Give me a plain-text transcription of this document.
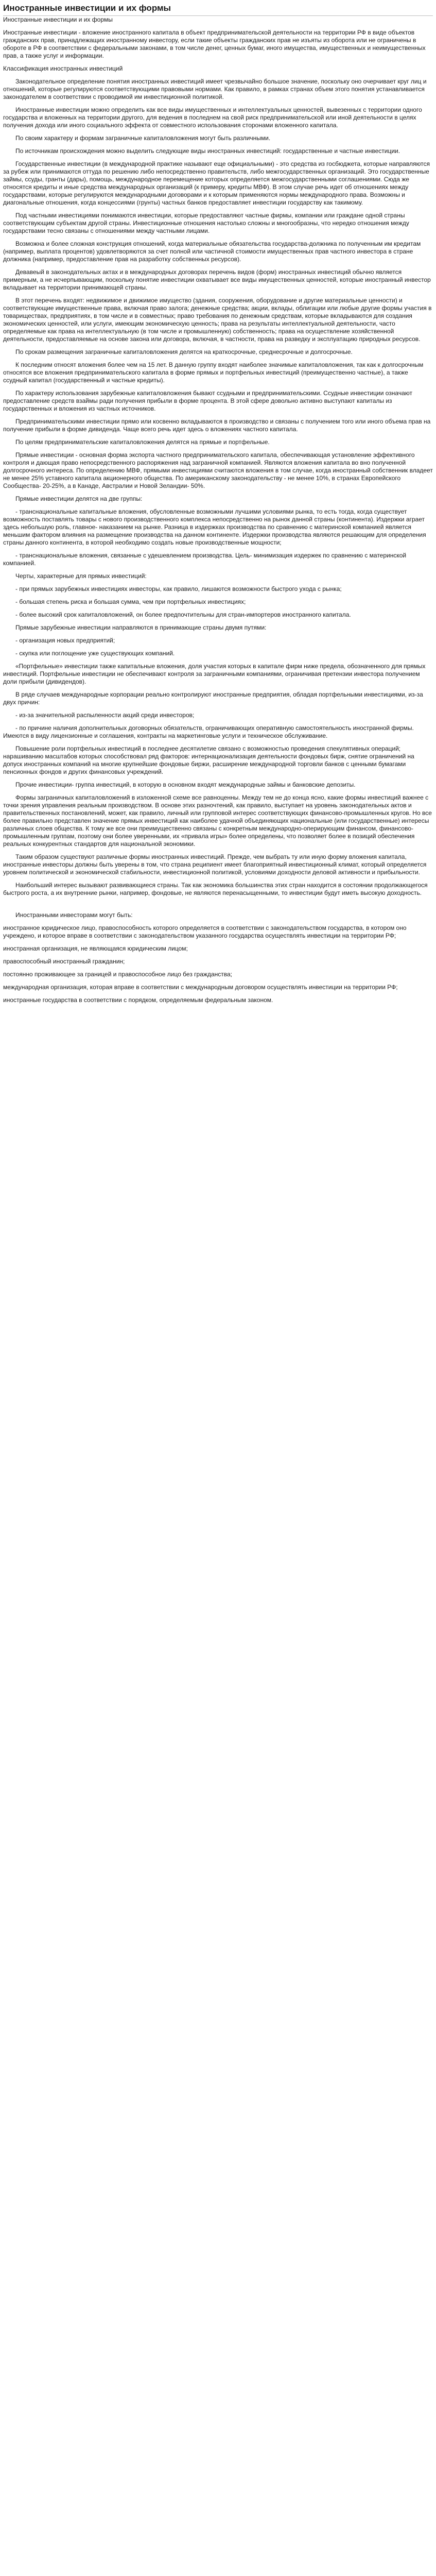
Иностранные инвестиции и их формы

Иностранные инвестиции и их формы

Иностранные инвестиции - вложение иностранного капитала в объект предпринимательской деятельности на территории РФ в виде объектов гражданских прав, принадлежащих иностранному инвестору, если такие объекты гражданских прав не изъяты из оборота или не ограничены в обороте в РФ в соответствии с федеральными законами, в том числе денег, ценных бумаг, иного имущества, имущественных и неимущественных прав, а также услуг и информации.

Классификация иностранных инвестиций

Законодательное определение понятия иностранных инвестиций имеет чрезвычайно большое значение, поскольку оно очерчивает круг лиц и отношений, которые регулируются соответствующими правовыми нормами. Как правило, в рамках странах объем этого понятия устанавливается законодателем в соответствии с проводимой им инвестиционной политикой.

Иностранные инвестиции можно определить как все виды имущественных и интеллектуальных ценностей, вывезенных с территории одного государства и вложенных на территории другого, для ведения в последнем на свой риск предпринимательской или иной деятельности в целях получения дохода или иного социального эффекта от совместного использования сторонами вложенного капитала.

По своим характеру и формам заграничные капиталовложения могут быть различными.

По источникам происхождения можно выделить следующие виды иностранных инвестиций: государственные и частные инвестиции.

Государственные инвестиции (в международной практике называют еще официальными) - это средства из госбюджета, которые направляются за рубеж или принимаются оттуда по решению либо непосредственно правительств, либо межгосударственных организаций. Это государственные займы, ссуды, гранты (дары), помощь, международное перемещение которых определяется межгосударственными соглашениями. Сюда же относятся кредиты и иные средства международных организаций (к примеру, кредиты МВФ). В этом случае речь идет об отношениях между государствами, которые регулируются международными договорами и к которым применяются нормы международного права. Возможны и диагональные отношения, когда концессиями (грунты) частных банков предоставляет инвестиции государству как такимому.

Под частными инвестициями понимаются инвестиции, которые предоставляют частные фирмы, компании или граждане одной страны соответствующим субъектам другой страны. Инвестиционные отношения настолько сложны и многообразны, что нередко отношения между государствами тесно связаны с отношениями между частными лицами.

Возможна и более сложная конструкция отношений, когда материальные обязательства государства-должника по полученным им кредитам (например, выплата процентов) удовлетворяются за счет полной или частичной стоимости имущественных прав частного инвестора в стране должника (например, предоставление прав на разработку собственных ресурсов).

Девавеый в законодательных актах и в международных договорах перечень видов (форм) иностранных инвестиций обычно является примерным, а не исчерпывающим, поскольку понятие инвестиции охватывает все виды имущественных ценностей, которые иностранный инвестор вкладывает на территории принимающей страны.

В этот перечень входят: недвижимое и движимое имущество (здания, сооружения, оборудование и другие материальные ценности) и соответствующие имущественные права, включая право залога; денежные средства; акции, вклады, облигации или любые другие формы участия в товариществах, предприятиях, в том числе и в совместных; право требования по денежным средствам, которые вкладываются для создания экономических ценностей, или услуги, имеющим экономическую ценность; права на результаты интеллектуальной деятельности, часто определяемые как права на интеллектуальную (в том числе и промышленную) собственность; права на осуществление хозяйственной деятельности, предоставляемые на основе закона или договора, включая, в частности, права на разведку и эксплуатацию природных ресурсов.

По срокам размещения заграничные капиталовложения делятся на краткосрочные, среднесрочные и долгосрочные.

К последним относят вложения более чем на 15 лет. В данную группу входят наиболее значимые капиталовложения, так как к долгосрочным относятся все вложения предпринимательского капитала в форме прямых и портфельных инвестиций (преимущественно частные), а также ссудный капитал (государственный и частные кредиты).

По характеру использования зарубежные капиталовложения бывают ссудными и предпринимательскими. Ссудные инвестиции означают предоставление средств взаймы ради получения прибыли в форме процента. В этой сфере довольно активно выступают капиталы из государственных и вложения из частных источников.

Предпринимательскими инвестиции прямо или косвенно вкладываются в производство и связаны с получением того или иного объема прав на получение прибыли в форме дивиденда. Чаще всего речь идет здесь о вложениях частного капитала.

По целям предпринимательские капиталовложения делятся на прямые и портфельные.

Прямые инвестиции - основная форма экспорта частного предпринимательского капитала, обеспечивающая установление эффективного контроля и дающая право непосредственного распоряжения над заграничной компанией. Являются вложения капитала во вно полученной долгосрочного интереса. По определению МВФ, прямыми инвестициями считаются вложения в том случае, когда иностранный собственник владеет не менее 25% уставного капитала акционерного общества. По американскому законодательству - не менее 10%, в странах Европейского Сообщества- 20-25%, а в Канаде, Австралии и Новой Зеландии- 50%.

Прямые инвестиции делятся на две группы:

- транснациональные капитальные вложения, обусловленные возможными лучшими условиями рынка, то есть тогда, когда существует возможность поставлять товары с нового производственного комплекса непосредственно на рынок данной страны (континента). Издержки аграет здесь небольшую роль, главное- наказанием на рынке. Разница в издержках производства по сравнению с материнской компанией является меньшим фактором влияния на размещение производства на данном континенте. Издержки производства являются решающим для определения страны данного континента, в которой необходимо создать новые производственные мощности;

- транснациональные вложения, связанные с удешевлением производства. Цель- минимизация издержек по сравнению с материнской компанией.

Черты, характерные для прямых инвестиций:

- при прямых зарубежных инвестициях инвесторы, как правило, лишаются возможности быстрого ухода с рынка;

- большая степень риска и большая сумма, чем при портфельных инвестициях;

- более высокий срок капиталовложений, он более предпочтительны для стран-импортеров иностранного капитала.

Прямые зарубежные инвестиции направляются в принимающие страны двумя путями:

- организация новых предприятий;

- скупка или поглощение уже существующих компаний.

«Портфельные» инвестиции также капитальные вложения, доля участия которых в капитале фирм ниже предела, обозначенного для прямых инвестиций. Портфельные инвестиции не обеспечивают контроля за заграничными компаниями, ограничивая претензии инвестора получением доли прибыли (дивидендов).

В ряде случаев международные корпорации реально контролируют иностранные предприятия, обладая портфельными инвестициями, из-за двух причин:

- из-за значительной распыленности акций среди инвесторов;

- по причине наличия дополнительных договорных обязательств, ограничивающих оперативную самостоятельность иностранной фирмы. Имеются в виду лицензионные и соглашения, контракты на маркетинговые услуги и техническое обслуживание.

Повышение роли портфельных инвестиций в последнее десятилетие связано с возможностью проведения спекулятивных операций; нарашиванию масштабов которых способствовал ряд факторов: интернационализация деятельности фондовых бирж, снятие ограничений на допуск иностранных компаний на многие крупнейшие фондовые биржи, расширение международной торговли банков с ценными бумагами пенсионных фондов и других финансовых учреждений.

Прочие инвестиции- группа инвестиций, в которую в основном входят международные займы и банковские депозиты.

Формы заграничных капиталовложений в изложенной схеме все равноценны. Между тем не до конца ясно, какие формы инвестиций важнее с точки зрения управления реальным производством. В основе этих разночтений, как правило, выступает на уровень законодательных актов и правительственных постановлений, может, как правило, личный или групповой интерес соответствующих финансово-промышленных кругов. Но все более правильно представлен значение прямых инвестиций как наиболее удачной объединяющих национальные (или государственные) интересы различных слоев общества. К тому же все они преимущественно связаны с конкретным международно-оперирующим финансом, финансово-промышленным группам, поэтому они более уверенными, их «привала игры» более определены, что позволяет более в позиций обеспечения реальных конкурентных стандартов для национальной экономики.

Таким образом существуют различные формы иностранных инвестиций. Прежде, чем выбрать ту или иную форму вложения капитала, иностранные инвесторы должны быть уверены в том, что страна реципиент имеет благоприятный инвестиционный климат, который определяется уровнем политической и экономической стабильности, инвестиционной политикой, условиями доходности деловой активности и прибыльности.

Наибольший интерес вызывают развивающиеся страны. Так как экономика большинства этих стран находится в состоянии продолжающегося быстрого роста, а их внутренние рынки, например, фондовые, не являются перенасыщенными, то инвестиции будут иметь высокую доходность.

Иностранными инвесторами могут быть:

иностранное юридическое лицо, правоспособность которого определяется в соответствии с законодательством государства, в котором оно учреждено, и которое вправе в соответствии с законодательством указанного государства осуществлять инвестиции на территории РФ;

иностранная организация, не являющаяся юридическим лицом;

правоспособный иностранный гражданин;

постоянно проживающее за границей и правоспособное лицо без гражданства;

международная организация, которая вправе в соответствии с международным договором осуществлять инвестиции на территории РФ;

иностранные государства в соответствии с порядком, определяемым федеральным законом.
